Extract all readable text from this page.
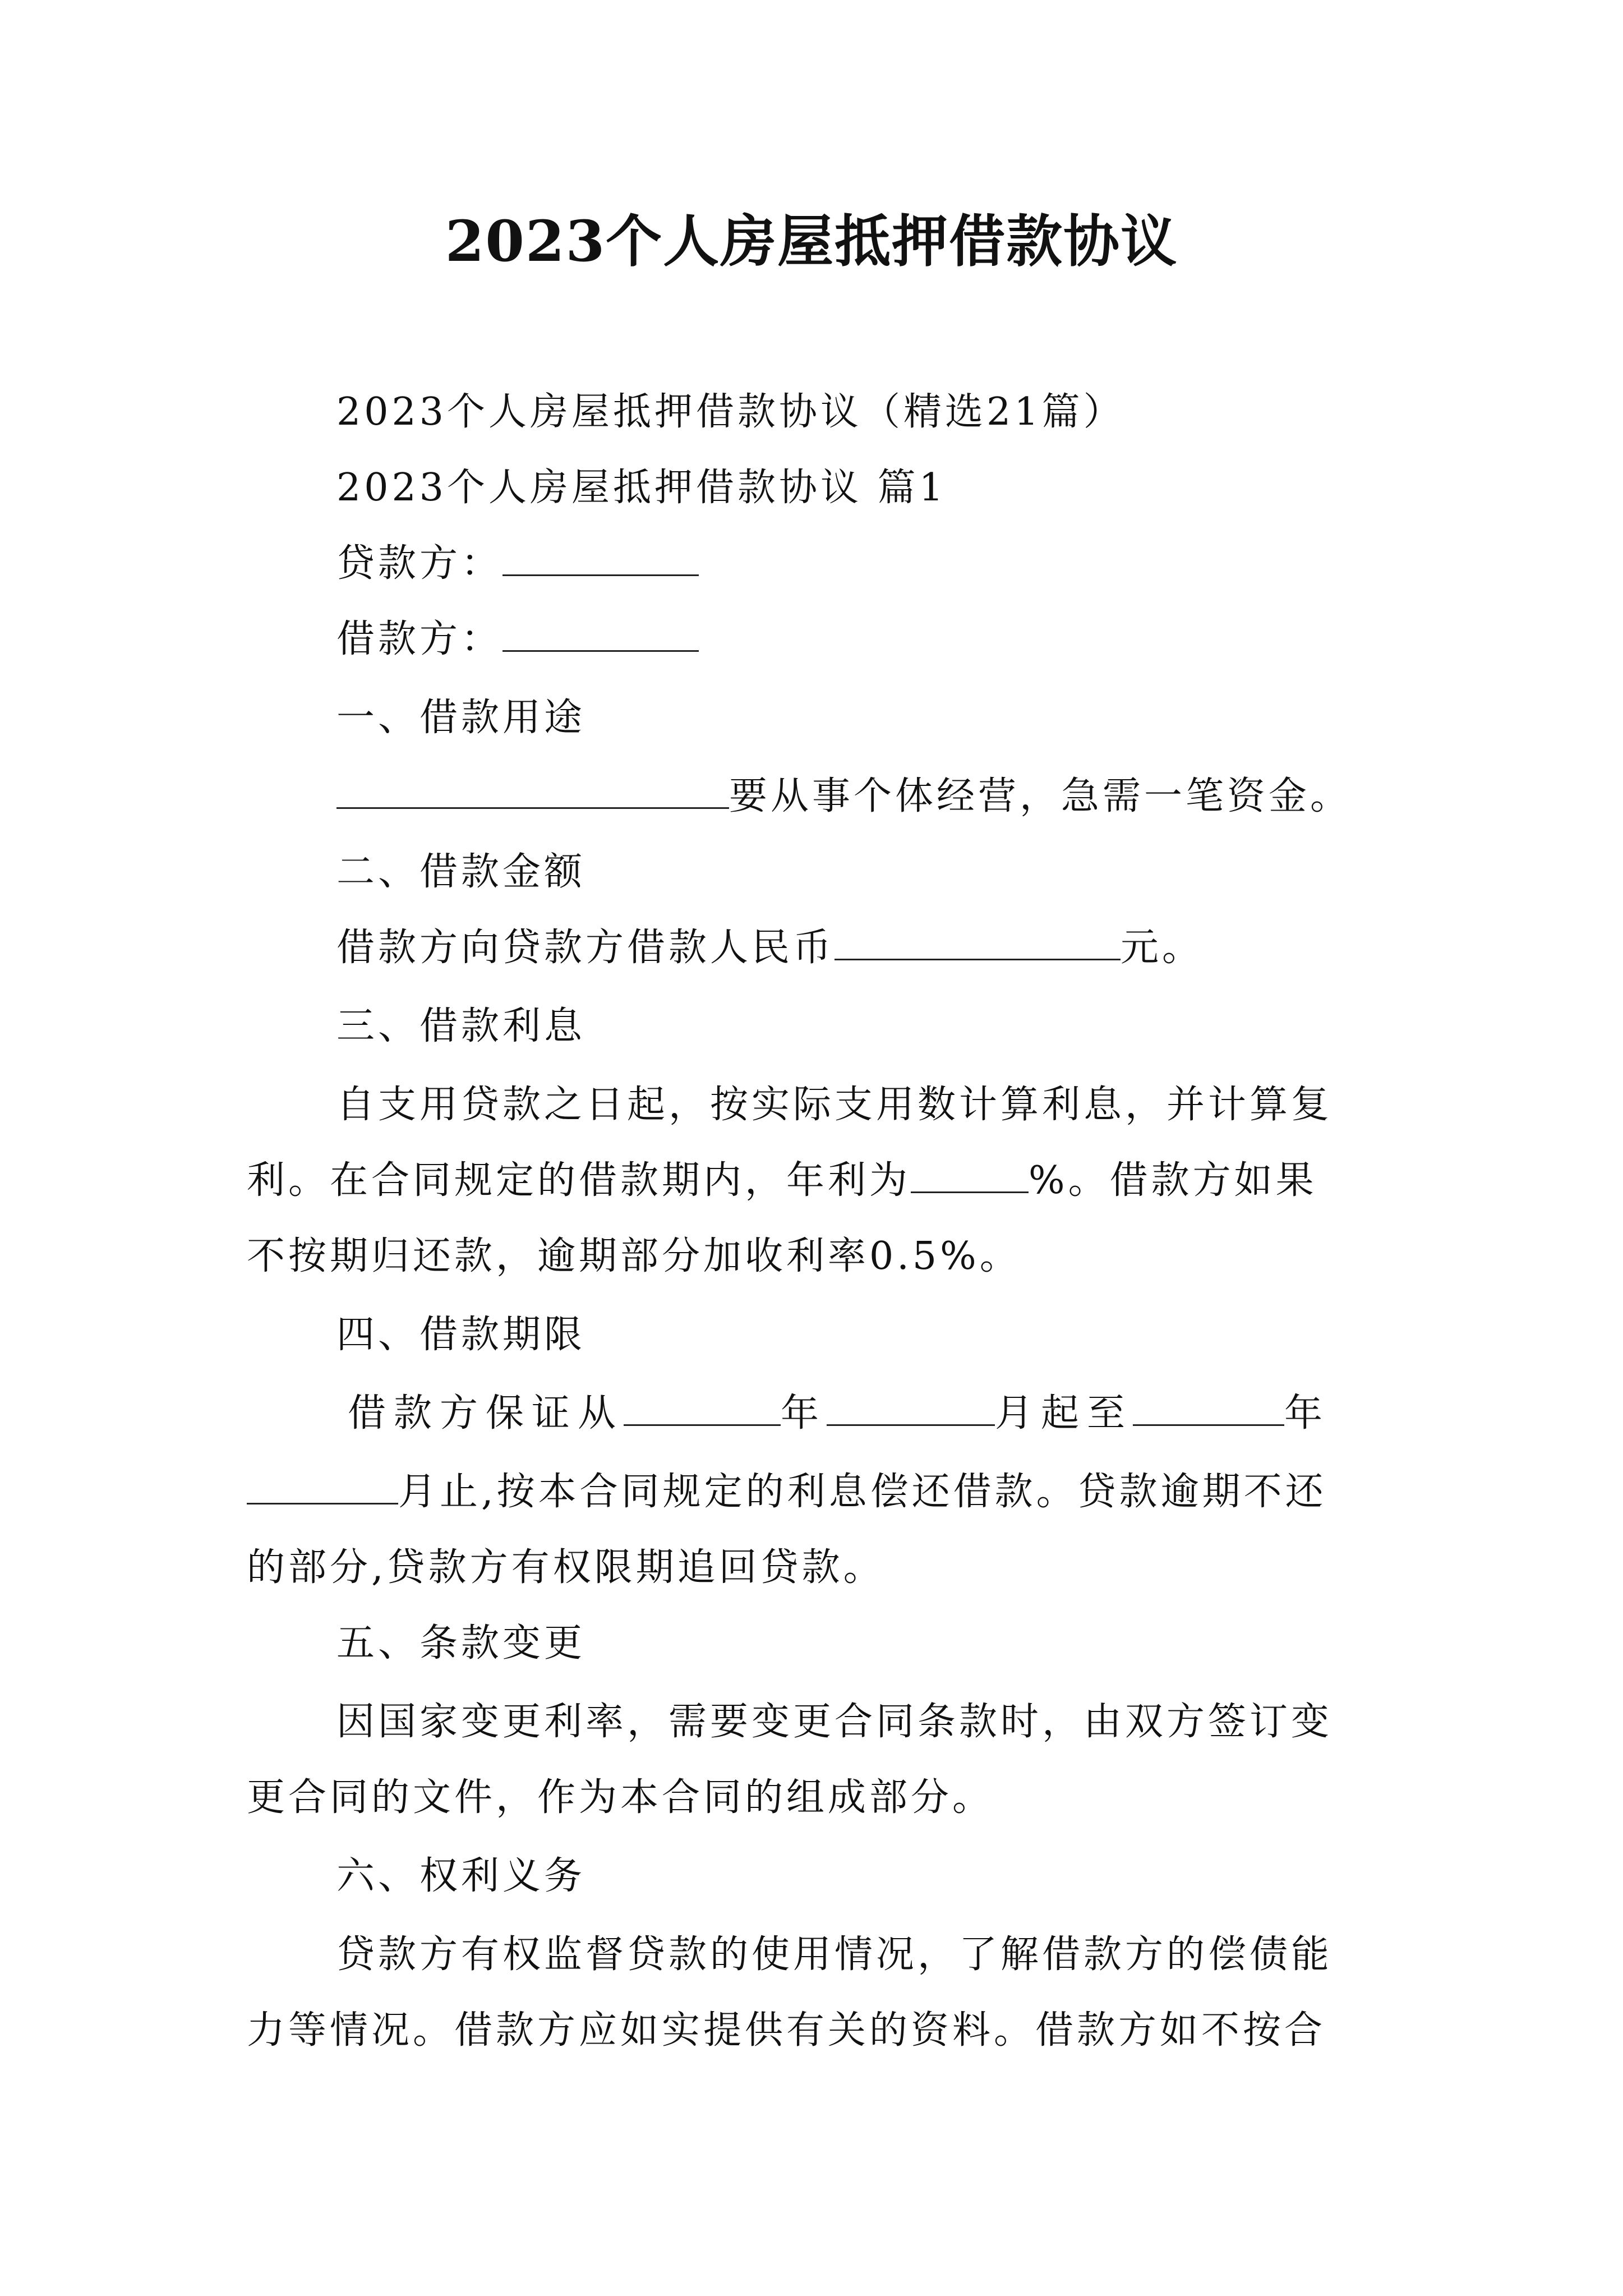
2023个人房屋抵押借款协议
2023个人房屋抵押借款协议（精选21篇）
2023个人房屋抵押借款协议 篇1
贷款方：
借款方：
一、借款用途
要从事个体经营，急需一笔资金。
二、借款金额
借款方向贷款方借款人民币	元。
三、借款利息
自支用贷款之日起，按实际支用数计算利息，并计算复
利。在合同规定的借款期内，年利为	%。借款方如果
不按期归还款，逾期部分加收利率0.5%。
四、借款期限
借款方保证从	年	月起至	年
月止,按本合同规定的利息偿还借款。贷款逾期不还
的部分,贷款方有权限期追回贷款。
五、条款变更
因国家变更利率，需要变更合同条款时，由双方签订变
更合同的文件，作为本合同的组成部分。
六、权利义务
贷款方有权监督贷款的使用情况，了解借款方的偿债能
力等情况。借款方应如实提供有关的资料。借款方如不按合
